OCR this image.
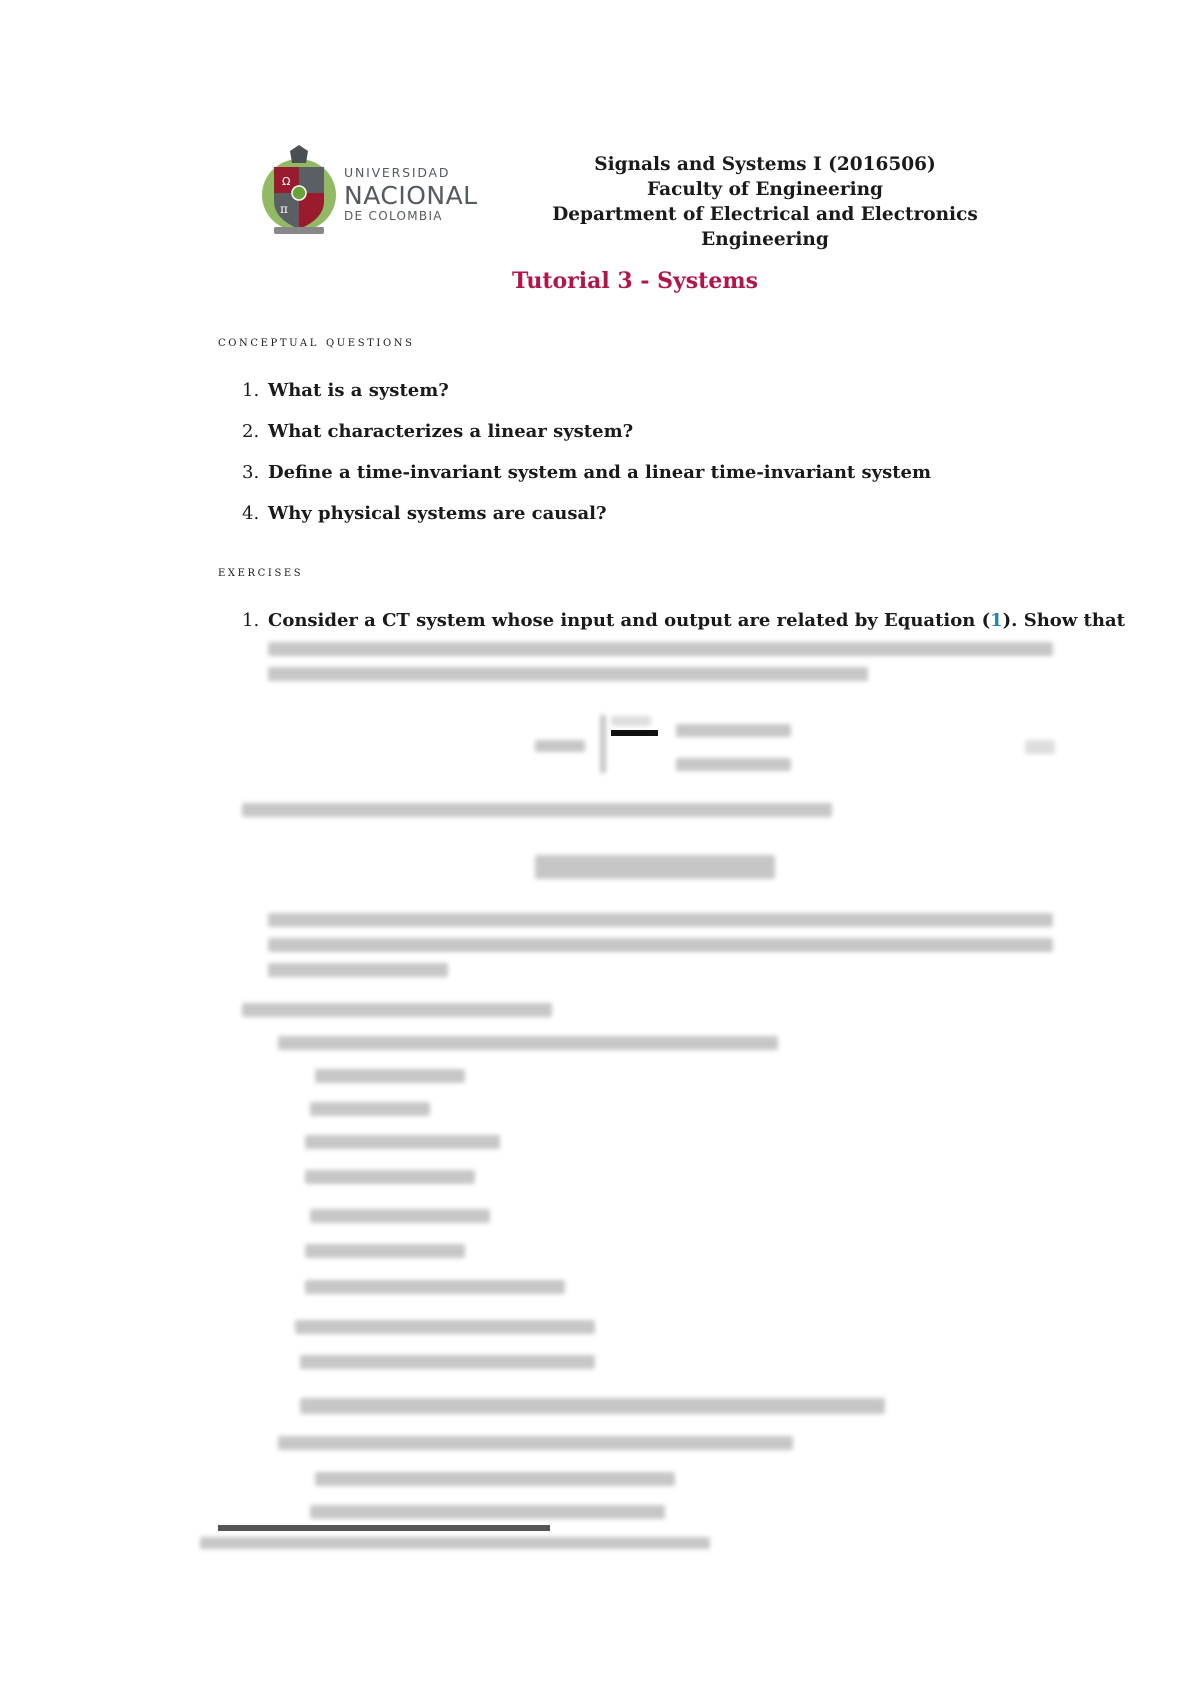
Ω
π
UNIVERSIDAD
NACIONAL
DE COLOMBIA
Signals and Systems I (2016506)
Faculty of Engineering
Department of Electrical and Electronics Engineering
Tutorial 3 - Systems
conceptual questions
1. What is a system?
2. What characterizes a linear system?
3. Define a time-invariant system and a linear time-invariant system
4. Why physical systems are causal?
exercises
1. Consider a CT system whose input and output are related by Equation (1). Show that
